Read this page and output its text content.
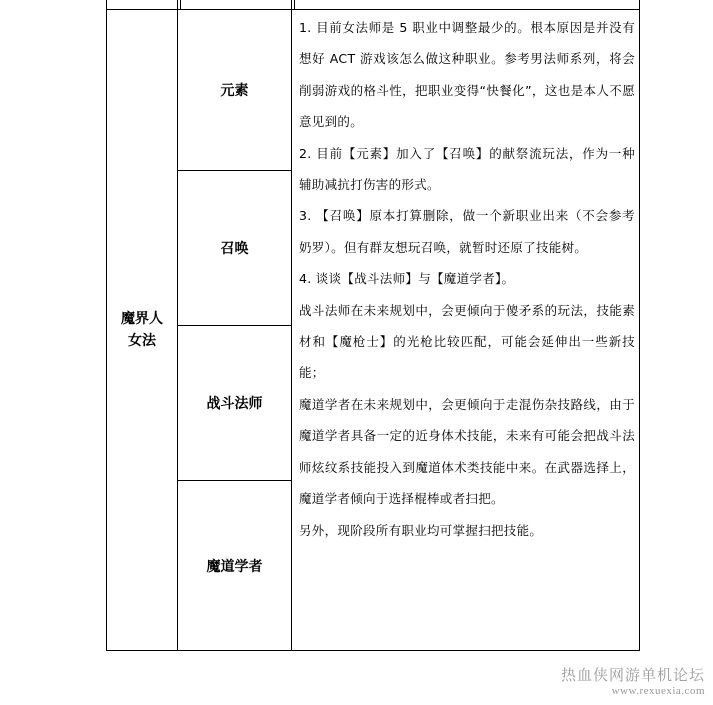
魔界人
女法
元素
召唤
战斗法师
魔道学者

1. 目前女法师是 5 职业中调整最少的。根本原因是并没有想好 ACT 游戏该怎么做这种职业。参考男法师系列，将会削弱游戏的格斗性，把职业变得“快餐化”，这也是本人不愿意见到的。

2. 目前【元素】加入了【召唤】的献祭流玩法，作为一种辅助减抗打伤害的形式。

3. 【召唤】原本打算删除，做一个新职业出来（不会参考奶罗）。但有群友想玩召唤，就暂时还原了技能树。

4. 谈谈【战斗法师】与【魔道学者】。

战斗法师在未来规划中，会更倾向于傻矛系的玩法，技能素材和【魔枪士】的光枪比较匹配，可能会延伸出一些新技能；

魔道学者在未来规划中，会更倾向于走混伤杂技路线，由于魔道学者具备一定的近身体术技能，未来有可能会把战斗法师炫纹系技能投入到魔道体术类技能中来。在武器选择上，魔道学者倾向于选择棍棒或者扫把。

另外，现阶段所有职业均可掌握扫把技能。

热血侠网游单机论坛
www.rexuexia.com
